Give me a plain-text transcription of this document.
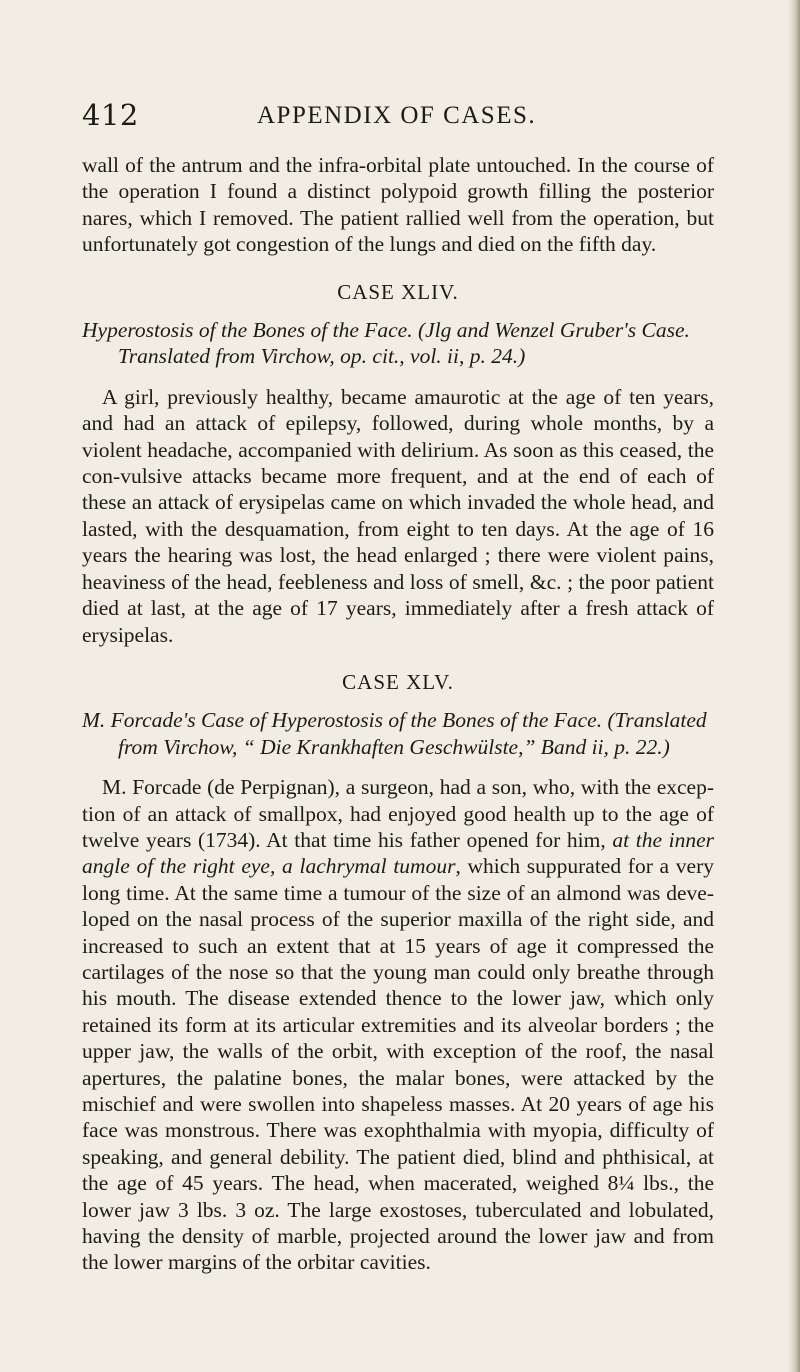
412	APPENDIX OF CASES.

wall of the antrum and the infra-orbital plate untouched. In the course of the operation I found a distinct polypoid growth filling the posterior nares, which I removed. The patient rallied well from the operation, but unfortunately got congestion of the lungs and died on the fifth day.

CASE XLIV.

Hyperostosis of the Bones of the Face. (Jlg and Wenzel Gruber's Case.
Translated from Virchow, op. cit., vol. ii, p. 24.)

A girl, previously healthy, became amaurotic at the age of ten years, and had an attack of epilepsy, followed, during whole months, by a violent headache, accompanied with delirium. As soon as this ceased, the con-vulsive attacks became more frequent, and at the end of each of these an attack of erysipelas came on which invaded the whole head, and lasted, with the desquamation, from eight to ten days. At the age of 16 years the hearing was lost, the head enlarged ; there were violent pains, heaviness of the head, feebleness and loss of smell, &c. ; the poor patient died at last, at the age of 17 years, immediately after a fresh attack of erysipelas.

CASE XLV.

M. Forcade's Case of Hyperostosis of the Bones of the Face. (Translated
from Virchow, “ Die Krankhaften Geschwülste,” Band ii, p. 22.)

M. Forcade (de Perpignan), a surgeon, had a son, who, with the excep-tion of an attack of smallpox, had enjoyed good health up to the age of twelve years (1734). At that time his father opened for him, at the inner angle of the right eye, a lachrymal tumour, which suppurated for a very long time. At the same time a tumour of the size of an almond was deve-loped on the nasal process of the superior maxilla of the right side, and increased to such an extent that at 15 years of age it compressed the cartilages of the nose so that the young man could only breathe through his mouth. The disease extended thence to the lower jaw, which only retained its form at its articular extremities and its alveolar borders ; the upper jaw, the walls of the orbit, with exception of the roof, the nasal apertures, the palatine bones, the malar bones, were attacked by the mischief and were swollen into shapeless masses. At 20 years of age his face was monstrous. There was exophthalmia with myopia, difficulty of speaking, and general debility. The patient died, blind and phthisical, at the age of 45 years. The head, when macerated, weighed 8¼ lbs., the lower jaw 3 lbs. 3 oz. The large exostoses, tuberculated and lobulated, having the density of marble, projected around the lower jaw and from the lower margins of the orbitar cavities.
